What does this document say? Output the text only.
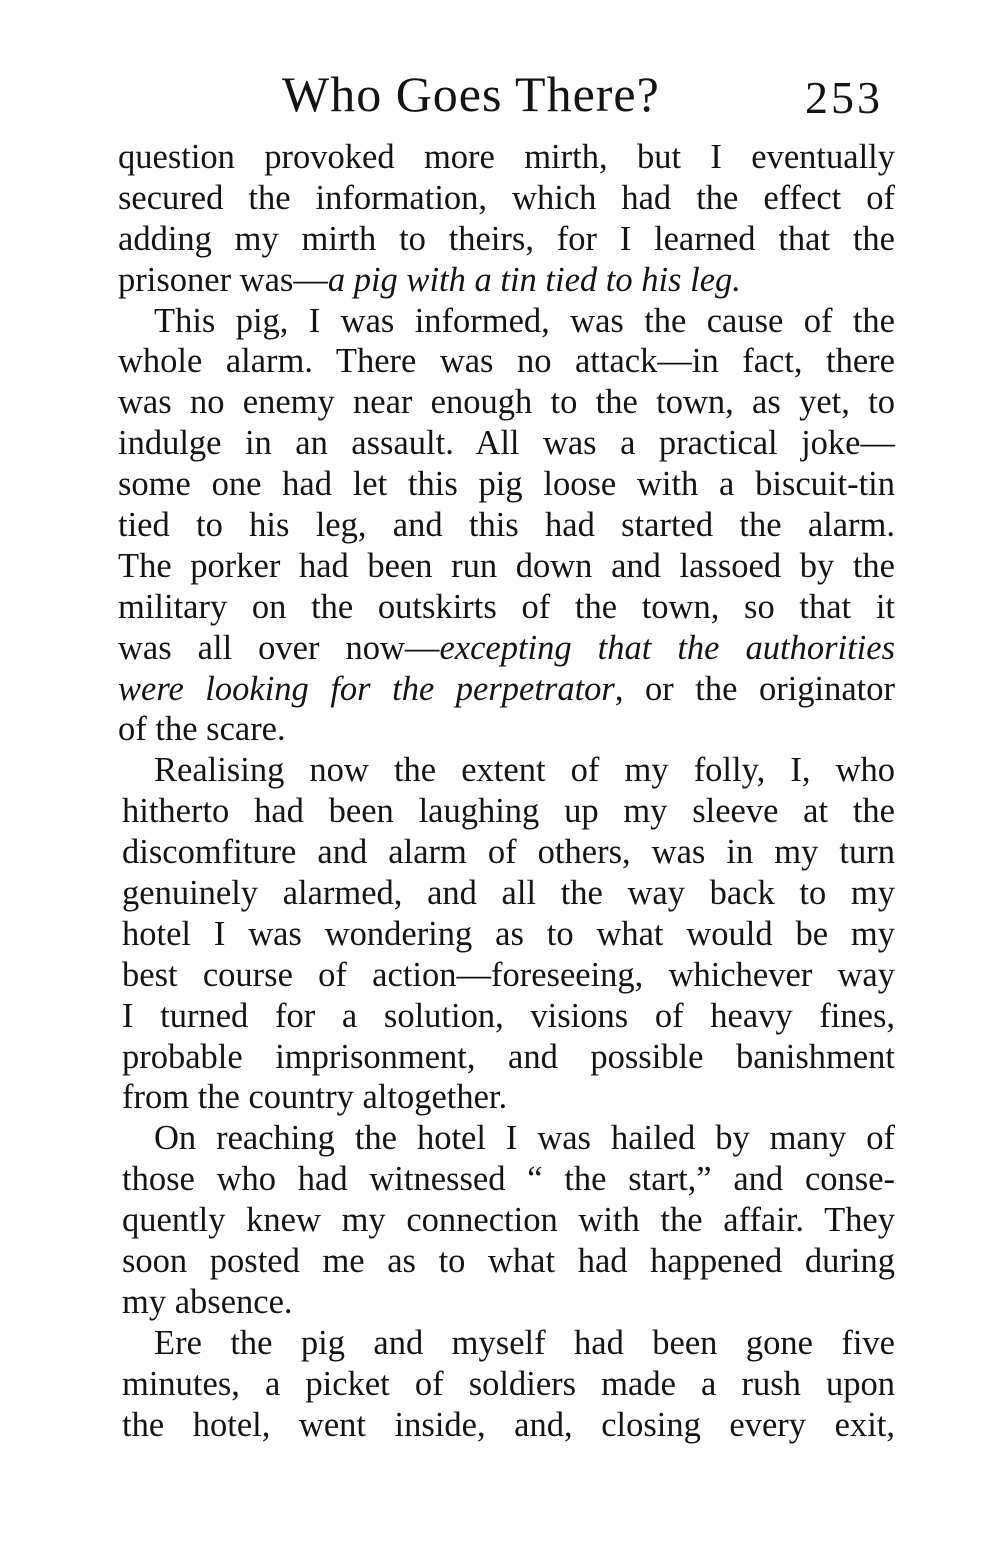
Who Goes There?	253
question provoked more mirth, but I eventually
secured the information, which had the effect of
adding my mirth to theirs, for I learned that the
prisoner was—a pig with a tin tied to his leg.
This pig, I was informed, was the cause of the
whole alarm. There was no attack—in fact, there
was no enemy near enough to the town, as yet, to
indulge in an assault. All was a practical joke—
some one had let this pig loose with a biscuit-tin
tied to his leg, and this had started the alarm.
The porker had been run down and lassoed by the
military on the outskirts of the town, so that it
was all over now—excepting that the authorities
were looking for the perpetrator, or the originator
of the scare.
Realising now the extent of my folly, I, who
hitherto had been laughing up my sleeve at the
discomfiture and alarm of others, was in my turn
genuinely alarmed, and all the way back to my
hotel I was wondering as to what would be my
best course of action—foreseeing, whichever way
I turned for a solution, visions of heavy fines,
probable imprisonment, and possible banishment
from the country altogether.
On reaching the hotel I was hailed by many of
those who had witnessed “ the start,” and conse-
quently knew my connection with the affair. They
soon posted me as to what had happened during
my absence.
Ere the pig and myself had been gone five
minutes, a picket of soldiers made a rush upon
the hotel, went inside, and, closing every exit,
